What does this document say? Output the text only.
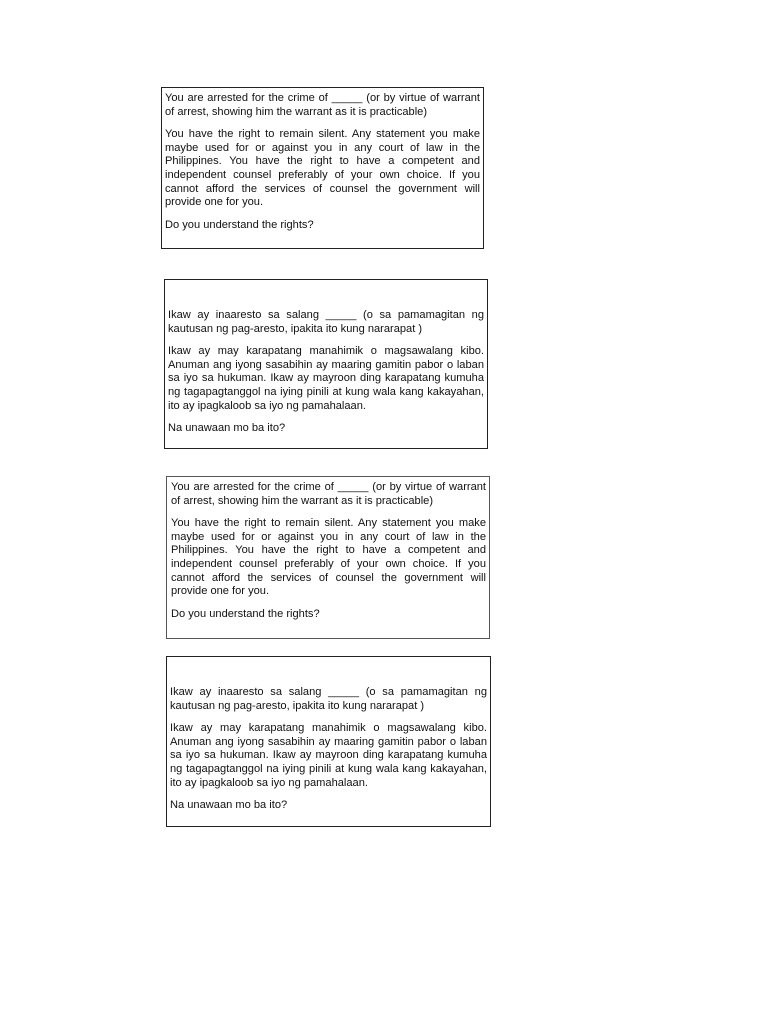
You are arrested for the crime of _____ (or by virtue of warrant of arrest, showing him the warrant as it is practicable)

You have the right to remain silent. Any statement you make maybe used for or against you in any court of law in the Philippines. You have the right to have a competent and independent counsel preferably of your own choice. If you cannot afford the services of counsel the government will provide one for you.

Do you understand the rights?

Ikaw ay inaaresto sa salang _____ (o sa pamamagitan ng kautusan ng pag-aresto, ipakita ito kung nararapat )

Ikaw ay may karapatang manahimik o magsawalang kibo. Anuman ang iyong sasabihin ay maaring gamitin pabor o laban sa iyo sa hukuman. Ikaw ay mayroon ding karapatang kumuha ng tagapagtanggol na iying pinili at kung wala kang kakayahan, ito ay ipagkaloob sa iyo ng pamahalaan.

Na unawaan mo ba ito?

You are arrested for the crime of _____ (or by virtue of warrant of arrest, showing him the warrant as it is practicable)

You have the right to remain silent. Any statement you make maybe used for or against you in any court of law in the Philippines. You have the right to have a competent and independent counsel preferably of your own choice. If you cannot afford the services of counsel the government will provide one for you.

Do you understand the rights?

Ikaw ay inaaresto sa salang _____ (o sa pamamagitan ng kautusan ng pag-aresto, ipakita ito kung nararapat )

Ikaw ay may karapatang manahimik o magsawalang kibo. Anuman ang iyong sasabihin ay maaring gamitin pabor o laban sa iyo sa hukuman. Ikaw ay mayroon ding karapatang kumuha ng tagapagtanggol na iying pinili at kung wala kang kakayahan, ito ay ipagkaloob sa iyo ng pamahalaan.

Na unawaan mo ba ito?
